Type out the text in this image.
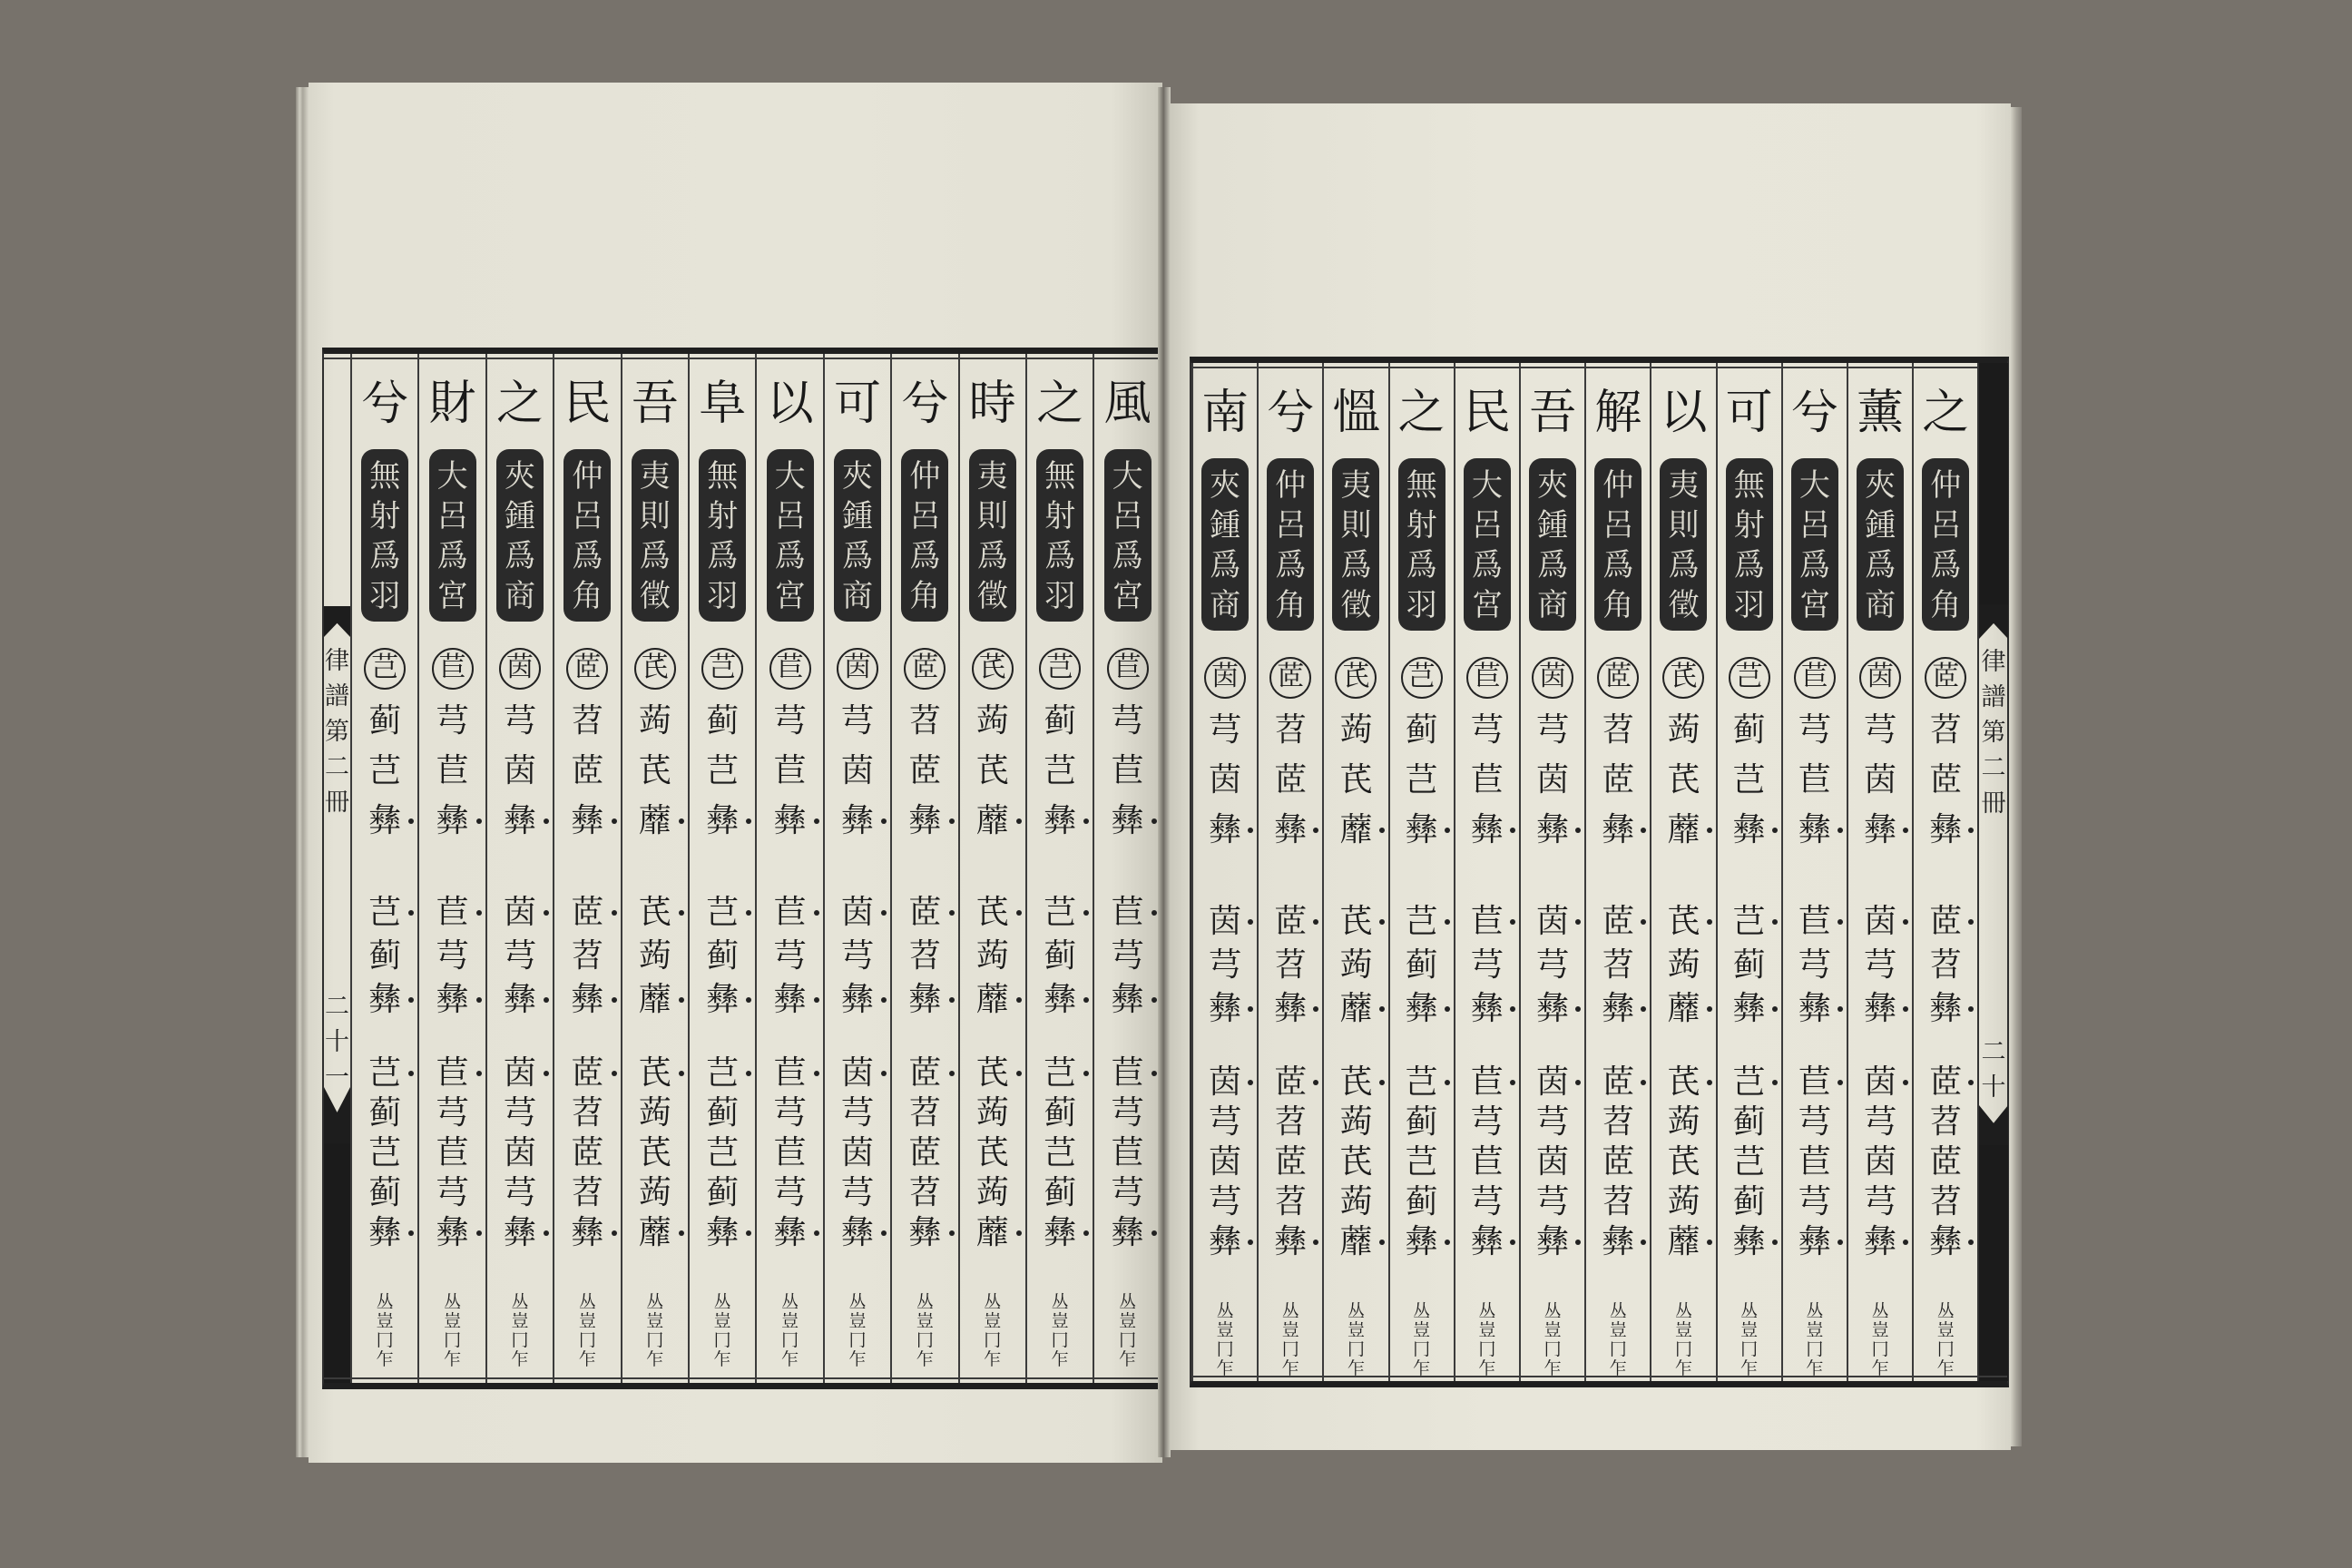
律譜第二冊
二十一
風
大呂爲宮
苣
芎
苣
彝
苣
芎
彝
苣
芎
苣
芎
彝
丛豈冂乍
之
無射爲羽
芑
蓟
芑
彝
芑
蓟
彝
芑
蓟
芑
蓟
彝
丛豈冂乍
時
夷則爲徵
芪
蒟
芪
蘼
芪
蒟
蘼
芪
蒟
芪
蒟
蘼
丛豈冂乍
兮
仲呂爲角
茝
苕
茝
彝
茝
苕
彝
茝
苕
茝
苕
彝
丛豈冂乍
可
夾鍾爲商
茵
芎
茵
彝
茵
芎
彝
茵
芎
茵
芎
彝
丛豈冂乍
以
大呂爲宮
苣
芎
苣
彝
苣
芎
彝
苣
芎
苣
芎
彝
丛豈冂乍
阜
無射爲羽
芑
蓟
芑
彝
芑
蓟
彝
芑
蓟
芑
蓟
彝
丛豈冂乍
吾
夷則爲徵
芪
蒟
芪
蘼
芪
蒟
蘼
芪
蒟
芪
蒟
蘼
丛豈冂乍
民
仲呂爲角
茝
苕
茝
彝
茝
苕
彝
茝
苕
茝
苕
彝
丛豈冂乍
之
夾鍾爲商
茵
芎
茵
彝
茵
芎
彝
茵
芎
茵
芎
彝
丛豈冂乍
財
大呂爲宮
苣
芎
苣
彝
苣
芎
彝
苣
芎
苣
芎
彝
丛豈冂乍
兮
無射爲羽
芑
蓟
芑
彝
芑
蓟
彝
芑
蓟
芑
蓟
彝
丛豈冂乍
之
仲呂爲角
茝
苕
茝
彝
茝
苕
彝
茝
苕
茝
苕
彝
丛豈冂乍
薰
夾鍾爲商
茵
芎
茵
彝
茵
芎
彝
茵
芎
茵
芎
彝
丛豈冂乍
兮
大呂爲宮
苣
芎
苣
彝
苣
芎
彝
苣
芎
苣
芎
彝
丛豈冂乍
可
無射爲羽
芑
蓟
芑
彝
芑
蓟
彝
芑
蓟
芑
蓟
彝
丛豈冂乍
以
夷則爲徵
芪
蒟
芪
蘼
芪
蒟
蘼
芪
蒟
芪
蒟
蘼
丛豈冂乍
解
仲呂爲角
茝
苕
茝
彝
茝
苕
彝
茝
苕
茝
苕
彝
丛豈冂乍
吾
夾鍾爲商
茵
芎
茵
彝
茵
芎
彝
茵
芎
茵
芎
彝
丛豈冂乍
民
大呂爲宮
苣
芎
苣
彝
苣
芎
彝
苣
芎
苣
芎
彝
丛豈冂乍
之
無射爲羽
芑
蓟
芑
彝
芑
蓟
彝
芑
蓟
芑
蓟
彝
丛豈冂乍
慍
夷則爲徵
芪
蒟
芪
蘼
芪
蒟
蘼
芪
蒟
芪
蒟
蘼
丛豈冂乍
兮
仲呂爲角
茝
苕
茝
彝
茝
苕
彝
茝
苕
茝
苕
彝
丛豈冂乍
南
夾鍾爲商
茵
芎
茵
彝
茵
芎
彝
茵
芎
茵
芎
彝
丛豈冂乍
律譜第二冊
二十
